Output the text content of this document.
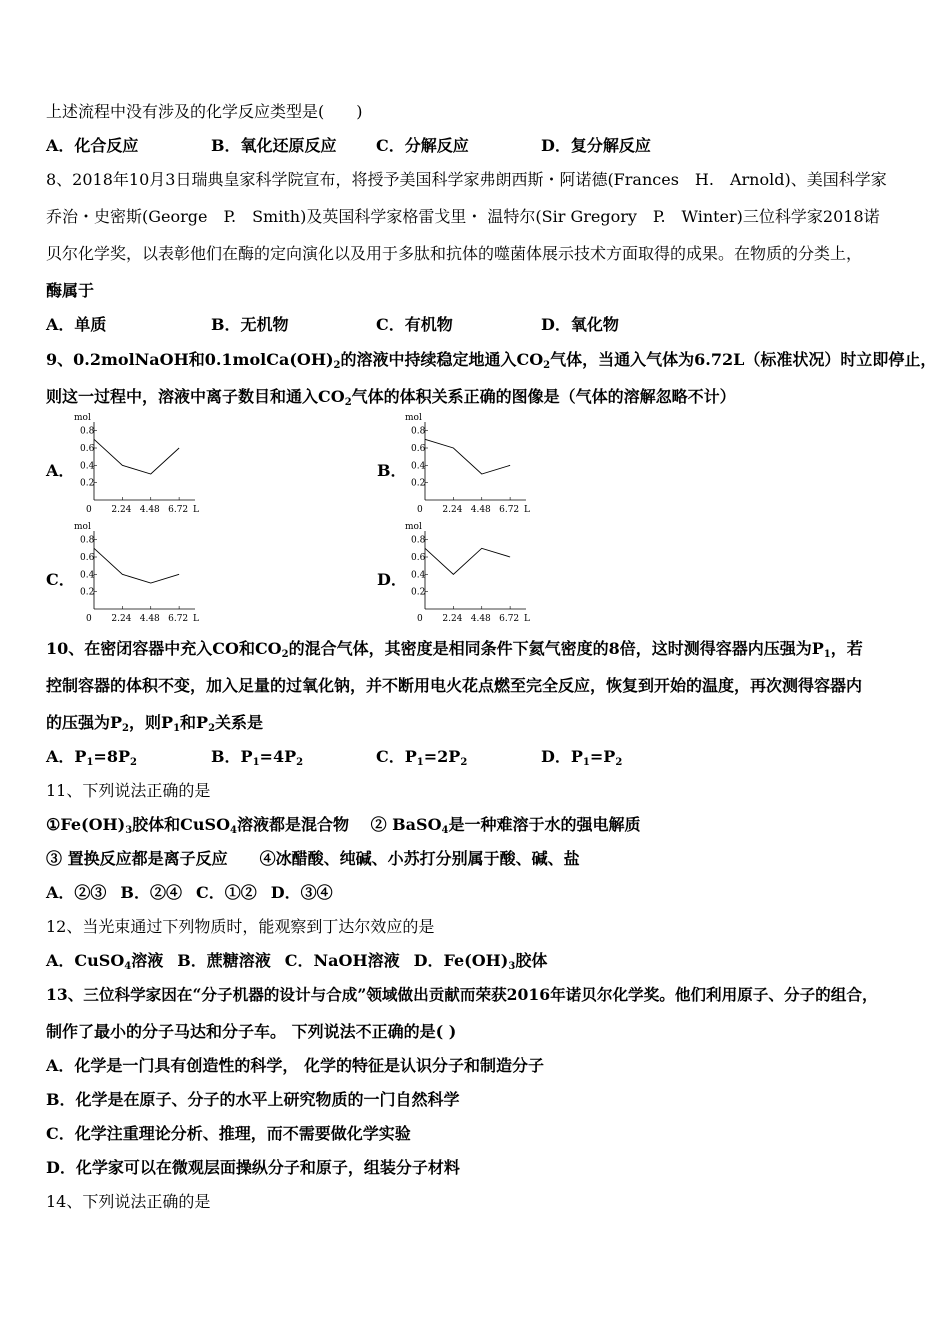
上述流程中没有涉及的化学反应类型是(　　)
A．化合反应	B．氧化还原反应 C．分解反应	D．复分解反应
8、2018年10月3日瑞典皇家科学院宣布，将授予美国科学家弗朗西斯・阿诺德(Frances　H.　Arnold)、美国科学家
乔治・史密斯(George　P.　Smith)及英国科学家格雷戈里・ 温特尔(Sir Gregory　P.　Winter)三位科学家2018诺
贝尔化学奖，以表彰他们在酶的定向演化以及用于多肽和抗体的噬菌体展示技术方面取得的成果。在物质的分类上，
酶属于
A．单质	B．无机物	C．有机物	D．氧化物
9、0.2molNaOH和$0.1molCa(OH)_2$的溶液中持续稳定地通入$CO_2$气体，当通入气体为6.72L（标准状况）时立即停止，
则这一过程中，溶液中离子数目和通入$CO_2$气体的体积关系正确的图像是（气体的溶解忽略不计）
A．	B．
C．	D．
mol
L
0
0.8
0.6
0.4
0.2
2.24 4.48 6.72
mol
L
0
0.8
0.6
0.4
0.2
2.24 4.48 6.72
mol
L
0
0.8
0.6
0.4
0.2
2.24 4.48 6.72
mol
L
0
0.8
0.6
0.4
0.2
2.24 4.48 6.72
10、在密闭容器中充入CO和$CO_2$的混合气体，其密度是相同条件下氦气密度的8倍，这时测得容器内压强为$P_1$，若
控制容器的体积不变，加入足量的过氧化钠，并不断用电火花点燃至完全反应，恢复到开始的温度，再次测得容器内
的压强为$P_2$，则$P_1$和$P_2$关系是
A．$P_1=8P_2$	B．$P_1=4P_2$	C．$P_1=2P_2$	D．$P_1=P_2$
11、下列说法正确的是
$①Fe(OH)_3$胶体和CuSO$_4$溶液都是混合物　 ② BaSO$_4$是一种难溶于水的强电解质
③ 置换反应都是离子反应　　④冰醋酸、纯碱、小苏打分别属于酸、碱、盐
A．②③ B．②④ C．①② D．③④
12、当光束通过下列物质时，能观察到丁达尔效应的是
A．CuSO$_4$溶液 B．蔗糖溶液 C．NaOH溶液 D．$Fe(OH)_3$胶体
13、三位科学家因在“分子机器的设计与合成”领域做出贡献而荣获2016年诺贝尔化学奖。他们利用原子、分子的组合，
制作了最小的分子马达和分子车。 下列说法不正确的是( )
A．化学是一门具有创造性的科学， 化学的特征是认识分子和制造分子
B．化学是在原子、分子的水平上研究物质的一门自然科学
C．化学注重理论分析、推理，而不需要做化学实验
D．化学家可以在微观层面操纵分子和原子，组装分子材料
14、下列说法正确的是
